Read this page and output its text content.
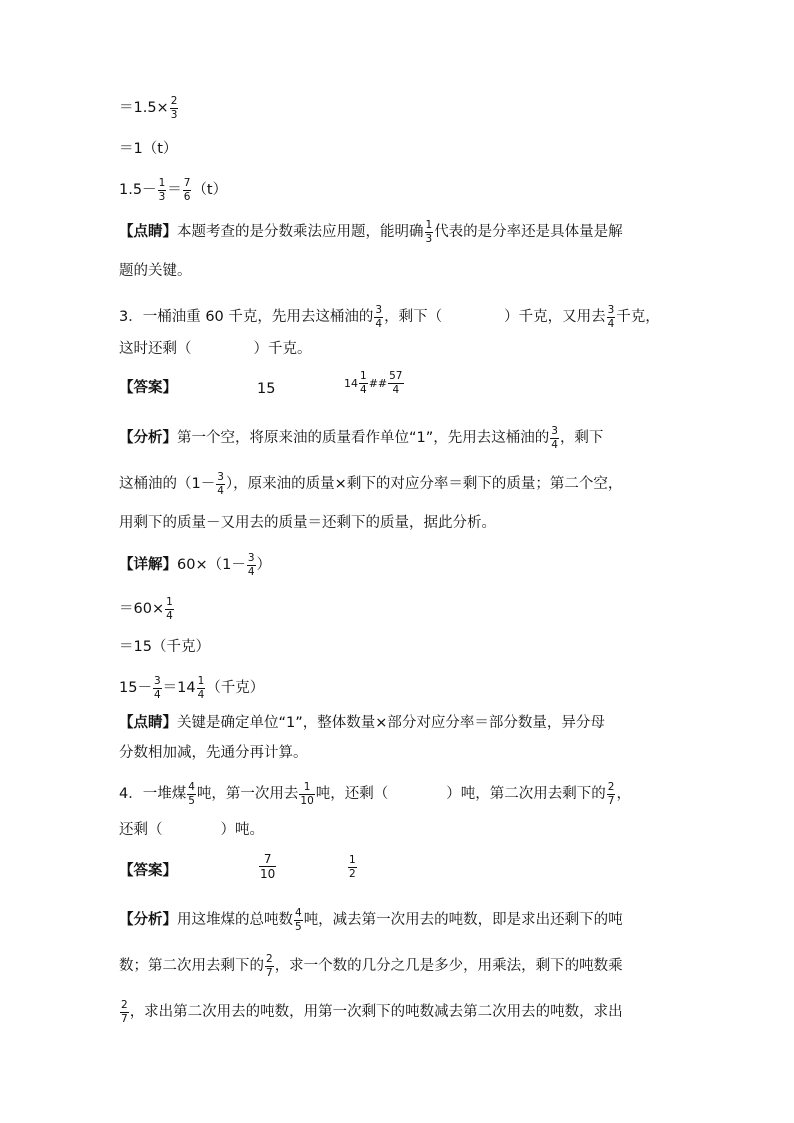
$=1.5\times \frac{2}{3}$
＝1（t）
$1.5- \frac{1}{3} = \frac{7}{6} (t)$
【点睛】本题考查的是分数乘法应用题，能明确 $\frac{1}{3}$ 代表的是分率还是具体量是解
题的关键。
3．一桶油重 60 千克，先用去这桶油的 $\frac{3}{4}$ ，剩下（	）千克，又用去 $\frac{3}{4}$ 千克，
这时还剩（	）千克。
【答案】	15	$14 \frac{1}{4}$ ## $\frac{57}{4}$
【分析】第一个空，将原来油的质量看作单位“1”，先用去这桶油的 $\frac{3}{4}$ ，剩下
这桶油的（$1- \frac{3}{4}$ ），原来油的质量×剩下的对应分率＝剩下的质量；第二个空，
用剩下的质量－又用去的质量＝还剩下的质量，据此分析。
【详解】$60\times(1- \frac{3}{4}$ ）
$=60\times \frac{1}{4}$
＝15（千克）
$15- \frac{3}{4} =14 \frac{1}{4}$ （千克）
【点睛】关键是确定单位“1”，整体数量×部分对应分率＝部分数量，异分母
分数相加减，先通分再计算。
4．一堆煤 $\frac{4}{5}$ 吨，第一次用去 $\frac{1}{10}$ 吨，还剩（	）吨，第二次用去剩下的 $\frac{2}{7}$ ，
还剩（	）吨。
【答案】	$\frac{7}{10}$	$\frac{1}{2}$
【分析】用这堆煤的总吨数 $\frac{4}{5}$ 吨，减去第一次用去的吨数，即是求出还剩下的吨
数；第二次用去剩下的 $\frac{2}{7}$ ，求一个数的几分之几是多少，用乘法，剩下的吨数乘
$\frac{2}{7}$ ，求出第二次用去的吨数，用第一次剩下的吨数减去第二次用去的吨数，求出
